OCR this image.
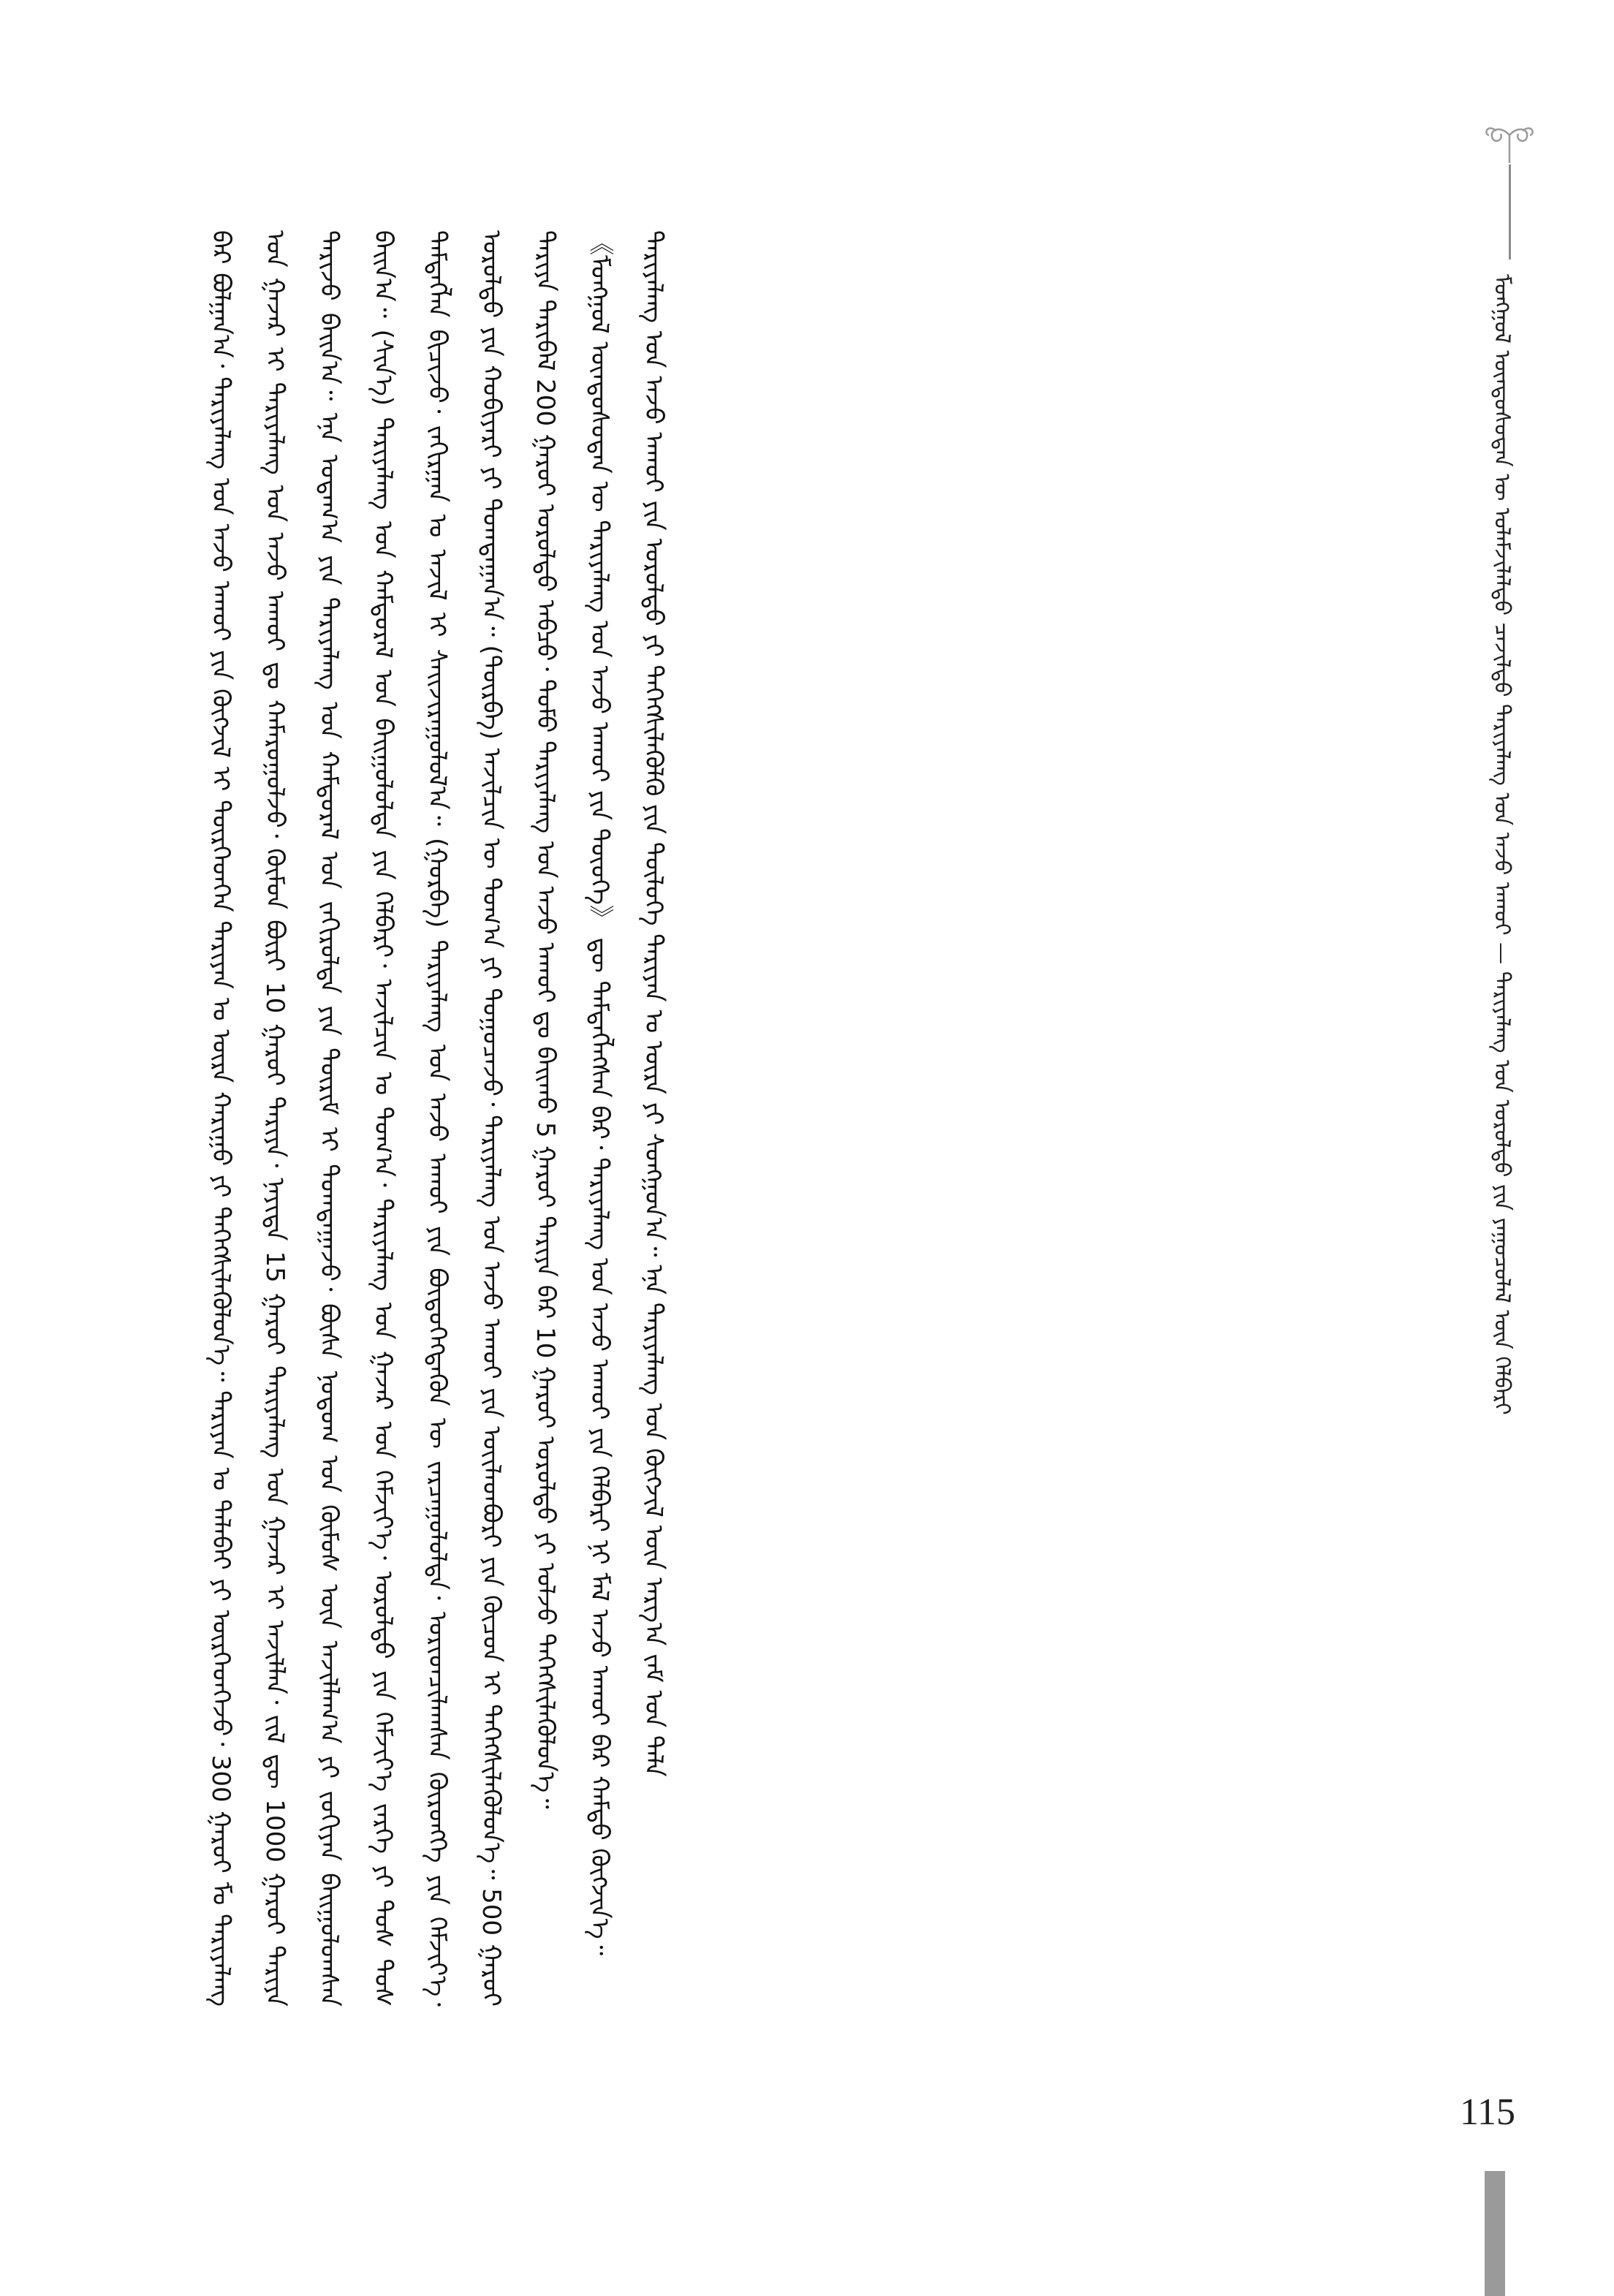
ᠮᠣᠩᠭᠣᠯ ᠦᠨᠳᠦᠰᠦᠲᠡᠨ ᠦ ᠤᠯᠠᠮᠵᠢᠯᠠᠯᠲᠤ ᠴᠡᠵᠢᠯᠲᠦ ᠲᠠᠷᠢᠶᠠᠯᠠᠩ ᠤᠨ ᠠᠵᠤ ᠠᠬᠤᠢ — ᠲᠠᠷᠢᠶᠠᠯᠠᠩ ᠤᠨ ᠤᠷᠤᠯᠲᠤ ᠶᠢᠨ ᠶᠠᠭᠤᠴᠤᠯᠠᠯ ᠦᠨ ᠬᠡᠯᠪᠡᠷᠢ

ᠪᠡᠷ ᠪᠣᠯᠭᠠᠨ᠎ᠠ᠂ ᠲᠠᠷᠢᠶᠠᠯᠠᠩ ᠤᠨ ᠠᠵᠤ ᠠᠬᠤᠢ ᠶᠢᠨ ᠬᠦᠭᠵᠢᠯ ᠢ ᠲᠦᠷᠭᠡᠳᠬᠡᠨ ᠲᠠᠷᠢᠶᠠᠨ ᠤ ᠦᠷᠡ ᠬᠠᠷᠢᠭᠤ ᠶᠢ ᠳᠡᠭᠡᠭᠰᠢᠯᠡᠭᠦᠯᠦᠨ᠎ᠡ᠃ ᠲᠠᠷᠢᠶᠠᠨ ᠤ ᠲᠠᠯᠠᠪᠠᠢ ᠶᠢ ᠦᠷᠭᠡᠳᠬᠡᠵᠦ᠂ 300 ᠭᠠᠷᠤᠢ ᠮᠤ ᠲᠠᠷᠢᠶᠠᠯᠠᠩ ᠤᠨ ᠭᠠᠵᠠᠷ ᠢ ᠲᠠᠷᠢᠶᠠᠯᠠᠩ ᠤᠨ ᠠᠵᠤ ᠠᠬᠤᠢ ᠳᠤ ᠬᠠᠮᠠᠷᠤᠭᠤᠯᠵᠤ᠂ ᠬᠦᠮᠦᠨ ᠪᠦᠷᠢ 10 ᠭᠠᠷᠤᠢ ᠲᠠᠷᠢᠶᠠ᠂ ᠨᠡᠶᠢᠲᠡ 15 ᠭᠠᠷᠤᠢ ᠲᠠᠷᠢᠶᠠᠯᠠᠩ ᠤᠨ ᠭᠠᠵᠠᠷ ᠢ ᠠᠵᠢᠯᠯᠠᠨ᠂ ᠵᠢᠯ ᠳᠦ 1000 ᠭᠠᠷᠤᠢ ᠲᠠᠷᠢᠶᠠ ᠲᠠᠷᠢᠵᠤ ᠪᠠᠢᠨ᠎ᠠ᠃ ᠡᠨᠡ ᠤᠳᠠᠭ᠎ᠠ ᠶᠢᠨ ᠲᠠᠷᠢᠶᠠᠯᠠᠩ ᠤᠨ ᠬᠠᠮᠲᠤᠷᠠᠯ ᠤᠨ ᠵᠠᠬᠢᠷᠤᠯᠲᠠ ᠶᠢᠨ ᠳᠦᠷᠢᠮ ᠢ ᠲᠣᠭᠲᠠᠭᠠᠵᠤ᠂ ᠪᠦᠰᠡ ᠨᠤᠲᠤᠭ ᠤᠨ ᠬᠦᠮᠦᠰ ᠦᠨ ᠠᠵᠢᠯᠯᠠᠭ᠎ᠠ ᠶᠢ ᠵᠣᠬᠢᠶᠠᠨ ᠪᠠᠢᠭᠤᠯᠤᠭᠰᠠᠨ ᠪᠠᠢᠨ᠎ᠠ᠃ (ᠰᠢᠨ᠎ᠡ) ᠲᠠᠷᠢᠶᠠᠯᠠᠩ ᠤᠨ ᠬᠠᠮᠲᠤᠷᠠᠯ ᠤᠨ ᠪᠠᠢᠭᠤᠯᠤᠯᠲᠠ ᠶᠢᠨ ᠬᠡᠯᠪᠡᠷᠢ᠂ ᠠᠵᠢᠯᠴᠢᠨ ᠤ ᠲᠣᠭ᠎ᠠ᠂ ᠲᠠᠷᠢᠶᠠᠯᠠᠩ ᠤᠨ ᠭᠠᠵᠠᠷ ᠤᠨ ᠬᠡᠮᠵᠢᠶ᠎ᠡ᠂ ᠤᠷᠤᠯᠲᠤ ᠶᠢᠨ ᠬᠡᠮᠵᠢᠶ᠎ᠡ ᠵᠡᠷᠭᠡ ᠶᠢ ᠲᠤᠰ ᠲᠤᠰ ᠲᠡᠮᠳᠡᠭᠯᠡᠨ ᠪᠢᠴᠢᠵᠦ᠂ ᠵᠠᠬᠢᠷᠭᠠᠨ ᠤ ᠠᠵᠢᠯ ᠢ ᠰᠠᠢᠵᠢᠷᠠᠭᠤᠯᠤᠯ᠎ᠠ᠃ (ᠭᠤᠷᠪᠠ) ᠲᠠᠷᠢᠶᠠᠯᠠᠩ ᠤᠨ ᠠᠵᠤ ᠠᠬᠤᠢ ᠶᠢᠨ ᠪᠦᠲᠦᠭᠡᠭᠳᠡᠬᠦᠨ ᠦ ᠵᠠᠷᠴᠠᠭᠤᠯᠤᠯᠲᠠ᠂ ᠤᠷᠢᠳᠴᠢᠯᠠᠭᠰᠠᠨ ᠬᠦᠷᠦᠩᠭᠡ ᠶᠢᠨ ᠬᠡᠮᠵᠢᠶ᠎ᠡ᠂ ᠤᠷᠤᠯᠲᠤ ᠶᠢᠨ ᠬᠤᠪᠢᠶᠠᠷᠢ ᠶᠢ ᠲᠣᠭᠲᠠᠭᠠᠨ᠎ᠠ᠃ (ᠳᠦᠷᠪᠡ) ᠠᠵᠢᠯᠴᠢᠨ ᠦ ᠲᠣᠭ᠎ᠠ ᠶᠢ ᠲᠣᠭᠤᠴᠠᠵᠤ᠂ ᠲᠠᠷᠢᠶᠠᠯᠠᠩ ᠤᠨ ᠠᠵᠤ ᠠᠬᠤᠢ ᠶᠢᠨ ᠦᠢᠯᠡᠳᠪᠦᠷᠢ ᠶᠢᠨ ᠬᠦᠴᠦᠨ ᠢ ᠳᠡᠭᠡᠭᠰᠢᠯᠡᠭᠦᠯᠦᠨ᠎ᠡ᠃ 500 ᠭᠠᠷᠤᠢ ᠲᠠᠷᠢᠶᠠ ᠲᠠᠷᠢᠪᠠᠯ 200 ᠭᠠᠷᠤᠢ ᠤᠷᠤᠯᠲᠤ ᠠᠪᠴᠤ᠂ ᠲᠣᠮᠣ ᠲᠠᠷᠢᠶᠠᠯᠠᠩ ᠤᠨ ᠠᠵᠤ ᠠᠬᠤᠢ ᠳᠤ ᠪᠠᠢᠬᠤ 5 ᠭᠠᠷᠤᠢ ᠲᠠᠷᠢᠶᠠ ᠪᠠᠷ 10 ᠭᠠᠷᠤᠢ ᠤᠷᠤᠯᠲᠤ ᠶᠢ ᠣᠯᠵᠤ ᠳᠡᠭᠡᠭᠰᠢᠯᠡᠭᠦᠯᠦᠨ᠎ᠡ᠃	《ᠮᠣᠩᠭᠣᠯ ᠦᠨᠳᠦᠰᠦᠲᠡᠨ ᠦ ᠲᠠᠷᠢᠶᠠᠯᠠᠩ ᠤᠨ ᠠᠵᠤ ᠠᠬᠤᠢ ᠶᠢᠨ ᠲᠦᠦᠬᠡ》 ᠳᠦ ᠲᠡᠮᠳᠡᠭᠯᠡᠭᠰᠡᠨ ᠪᠠᠷ᠂ ᠲᠠᠷᠢᠶᠠᠯᠠᠩ ᠤᠨ ᠠᠵᠤ ᠠᠬᠤᠢ ᠶᠢᠨ ᠬᠡᠯᠪᠡᠷᠢ ᠨᠢ ᠮᠠᠯ ᠠᠵᠤ ᠠᠬᠤᠢ ᠪᠠᠷ ᠬᠠᠮᠲᠤ ᠬᠦᠭᠵᠢᠨ᠎ᠡ᠃	ᠲᠠᠷᠢᠶᠠᠯᠠᠩ ᠤᠨ ᠠᠵᠤ ᠠᠬᠤᠢ ᠶᠢᠨ ᠤᠷᠤᠯᠲᠤ ᠶᠢ ᠳᠡᠭᠡᠭᠰᠢᠯᠡᠭᠦᠯᠬᠦ ᠶᠢᠨ ᠲᠥᠯᠦᠭᠡ ᠲᠠᠷᠢᠶᠠᠨ ᠤ ᠦᠷᠡ ᠶᠢ ᠰᠣᠩᠭᠣᠨ᠎ᠠ᠃ ᠡᠨᠡ ᠲᠠᠷᠢᠶᠠᠯᠠᠩ ᠤᠨ ᠬᠦᠭᠵᠢᠯ ᠦᠨ ᠠᠷᠭ᠎ᠠ ᠵᠠᠮ ᠤᠨ ᠲᠡᠯᠡ

115
